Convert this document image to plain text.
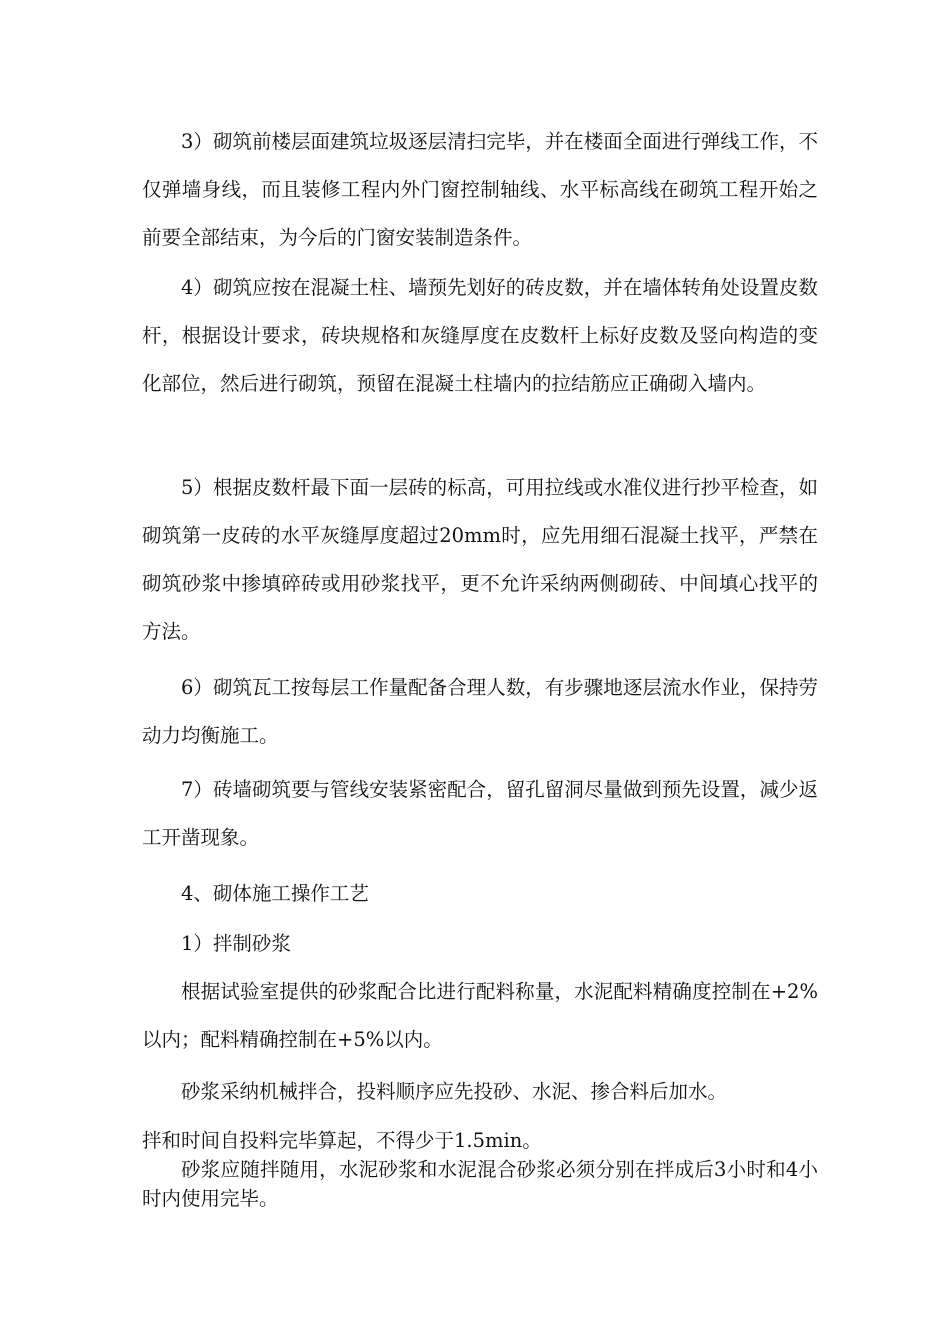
3）砌筑前楼层面建筑垃圾逐层清扫完毕，并在楼面全面进行弹线工作，不仅弹墙身线，而且装修工程内外门窗控制轴线、水平标高线在砌筑工程开始之前要全部结束，为今后的门窗安装制造条件。

4）砌筑应按在混凝土柱、墙预先划好的砖皮数，并在墙体转角处设置皮数杆，根据设计要求，砖块规格和灰缝厚度在皮数杆上标好皮数及竖向构造的变化部位，然后进行砌筑，预留在混凝土柱墙内的拉结筋应正确砌入墙内。

5）根据皮数杆最下面一层砖的标高，可用拉线或水准仪进行抄平检查，如砌筑第一皮砖的水平灰缝厚度超过20mm时，应先用细石混凝土找平，严禁在砌筑砂浆中掺填碎砖或用砂浆找平，更不允许采纳两侧砌砖、中间填心找平的方法。

6）砌筑瓦工按每层工作量配备合理人数，有步骤地逐层流水作业，保持劳动力均衡施工。

7）砖墙砌筑要与管线安装紧密配合，留孔留洞尽量做到预先设置，减少返工开凿现象。

4、砌体施工操作工艺

1）拌制砂浆

根据试验室提供的砂浆配合比进行配料称量，水泥配料精确度控制在+2%以内；配料精确控制在+5%以内。

砂浆采纳机械拌合，投料顺序应先投砂、水泥、掺合料后加水。

拌和时间自投料完毕算起，不得少于1.5min。

砂浆应随拌随用，水泥砂浆和水泥混合砂浆必须分别在拌成后3小时和4小时内使用完毕。
